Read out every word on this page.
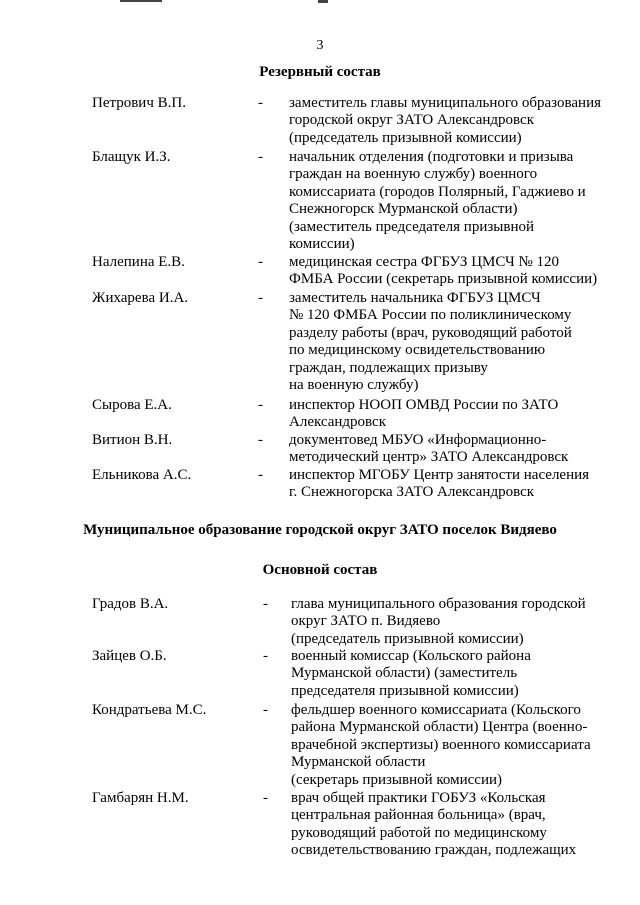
3
Резервный состав
Петрович В.П.	- заместитель главы муниципального образования
городской округ ЗАТО Александровск
(председатель призывной комиссии)
Блащук И.З.	- начальник отделения (подготовки и призыва
граждан на военную службу) военного
комиссариата (городов Полярный, Гаджиево и
Снежногорск Мурманской области)
(заместитель председателя призывной
комиссии)
Налепина Е.В.	- медицинская сестра ФГБУЗ ЦМСЧ № 120
ФМБА России (секретарь призывной комиссии)
Жихарева И.А.	- заместитель начальника ФГБУЗ ЦМСЧ
№ 120 ФМБА России по поликлиническому
разделу работы (врач, руководящий работой
по медицинскому освидетельствованию
граждан, подлежащих призыву
на военную службу)
Сырова Е.А.	- инспектор НООП ОМВД России по ЗАТО
Александровск
Витион В.Н.	- документовед МБУО «Информационно-
методический центр» ЗАТО Александровск
Ельникова А.С.	- инспектор МГОБУ Центр занятости населения
г. Снежногорска ЗАТО Александровск
Муниципальное образование городской округ ЗАТО поселок Видяево
Основной состав
Градов В.А.	- глава муниципального образования городской
округ ЗАТО п. Видяево
(председатель призывной комиссии)
Зайцев О.Б.	- военный комиссар (Кольского района
Мурманской области) (заместитель
председателя призывной комиссии)
Кондратьева М.С.	- фельдшер военного комиссариата (Кольского
района Мурманской области) Центра (военно-
врачебной экспертизы) военного комиссариата
Мурманской области
(секретарь призывной комиссии)
Гамбарян Н.М.	- врач общей практики ГОБУЗ «Кольская
центральная районная больница» (врач,
руководящий работой по медицинскому
освидетельствованию граждан, подлежащих
